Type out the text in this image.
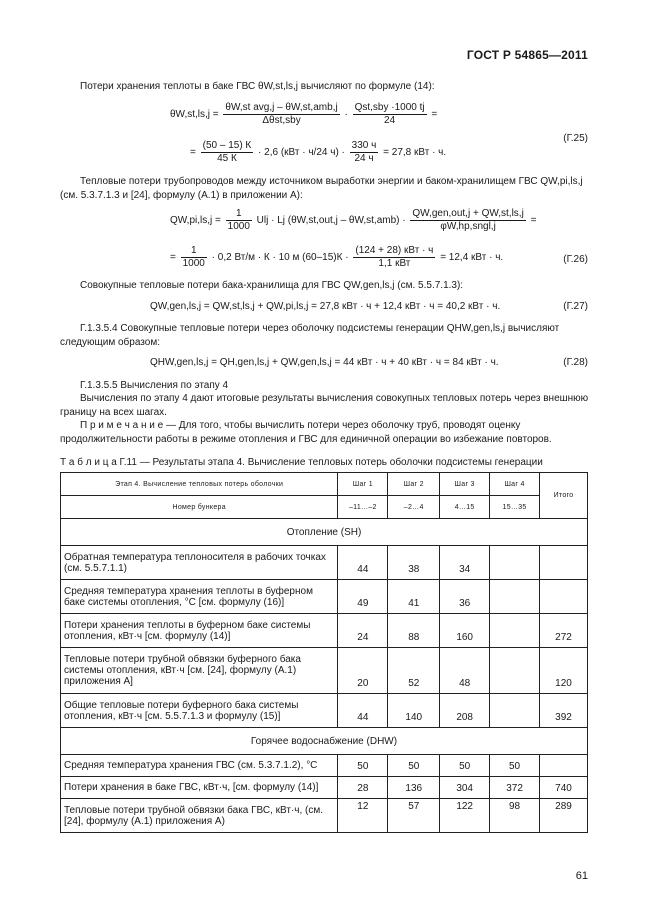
ГОСТ Р 54865—2011
Потери хранения теплоты в баке ГВС θW,st,ls,j вычисляют по формуле (14):
$\theta W,st,ls,j = \frac{\text{θW,st avg,j – θW,st,amb,j}}{\text{Δθst,sby}} \cdot \frac{\text{Qst,sby ·1000 tj}}{24}$ =
= $\frac{(50 - 15) К}{45 К} \cdot 2,6$ (кВт · ч/24 $ч) \cdot \frac{330 ч}{24 ч} = 27,8$ кВт · ч.
(Г.25)
Тепловые потери трубопроводов между источником выработки энергии и баком-хранилищем ГВС QW,pi,ls,j (см. 5.3.7.1.3 и [24], формулу (А.1) в приложении А):
$QW,pi,ls,j = \frac{1}{1000}$ Ulj · Lj $(\theta W,st,out,j - \theta W,st,amb) \cdot \frac{\text{QW,gen,out,j + QW,st,ls,j}}{\text{φW,hp,sngl,j}}$ =
= $\frac{1}{1000} \cdot 0,2$ Вт/м · К · 10 м $(60-15)К \cdot \frac{\text{(124 + 28) кВт · ч}}{\text{1,1 кВт}} = 12,4$ кВт · ч.	(Г.26)
Совокупные тепловые потери бака-хранилища для ГВС QW,gen,ls,j (см. 5.5.7.1.3):
QW,gen,ls,j = QW,st,ls,j + QW,pi,ls,j = 27,8 кВт · ч + 12,4 кВт · ч = 40,2 кВт · ч.	(Г.27)
Г.1.3.5.4 Совокупные тепловые потери через оболочку подсистемы генерации QHW,gen,ls,j вычисляют следующим образом:
QHW,gen,ls,j = QH,gen,ls,j + QW,gen,ls,j = 44 кВт · ч + 40 кВт · ч = 84 кВт · ч.	(Г.28)
Г.1.3.5.5 Вычисления по этапу 4
Вычисления по этапу 4 дают итоговые результаты вычисления совокупных тепловых потерь через внешнюю границу на всех шагах.
П р и м е ч а н и е — Для того, чтобы вычислить потери через оболочку труб, проводят оценку продолжительности работы в режиме отопления и ГВС для единичной операции во избежание повторов.
Т а б л и ц а Г.11 — Результаты этапа 4. Вычисление тепловых потерь оболочки подсистемы генерации
Этап 4. Вычисление тепловых потерь оболочки	Шаг 1	Шаг 2	Шаг 3	Шаг 4	Итого
Номер бункера	–11…–2	–2…4	4…15	15…35	
Отопление (SH)					
Обратная температура теплоносителя в рабочих точках (см. 5.5.7.1.1)	44	38	34		
Средняя температура хранения теплоты в буферном баке системы отопления, °С [см. формулу (16)]	49	41	36		
Потери хранения теплоты в буферном баке системы отопления, кВт·ч [см. формулу (14)]	24	88	160		272
Тепловые потери трубной обвязки буферного бака системы отопления, кВт·ч [см. [24], формулу (А.1) приложения А]	20	52	48		120
Общие тепловые потери буферного бака системы отопления, кВт·ч [см. 5.5.7.1.3 и формулу (15)]	44	140	208		392
Горячее водоснабжение (DHW)					
Средняя температура хранения ГВС (см. 5.3.7.1.2), °С	50	50	50	50	
Потери хранения в баке ГВС, кВт·ч, [см. формулу (14)]	28	136	304	372	740
Тепловые потери трубной обвязки бака ГВС, кВт·ч, (см. [24], формулу (А.1) приложения А)	12	57	122	98	289
61
